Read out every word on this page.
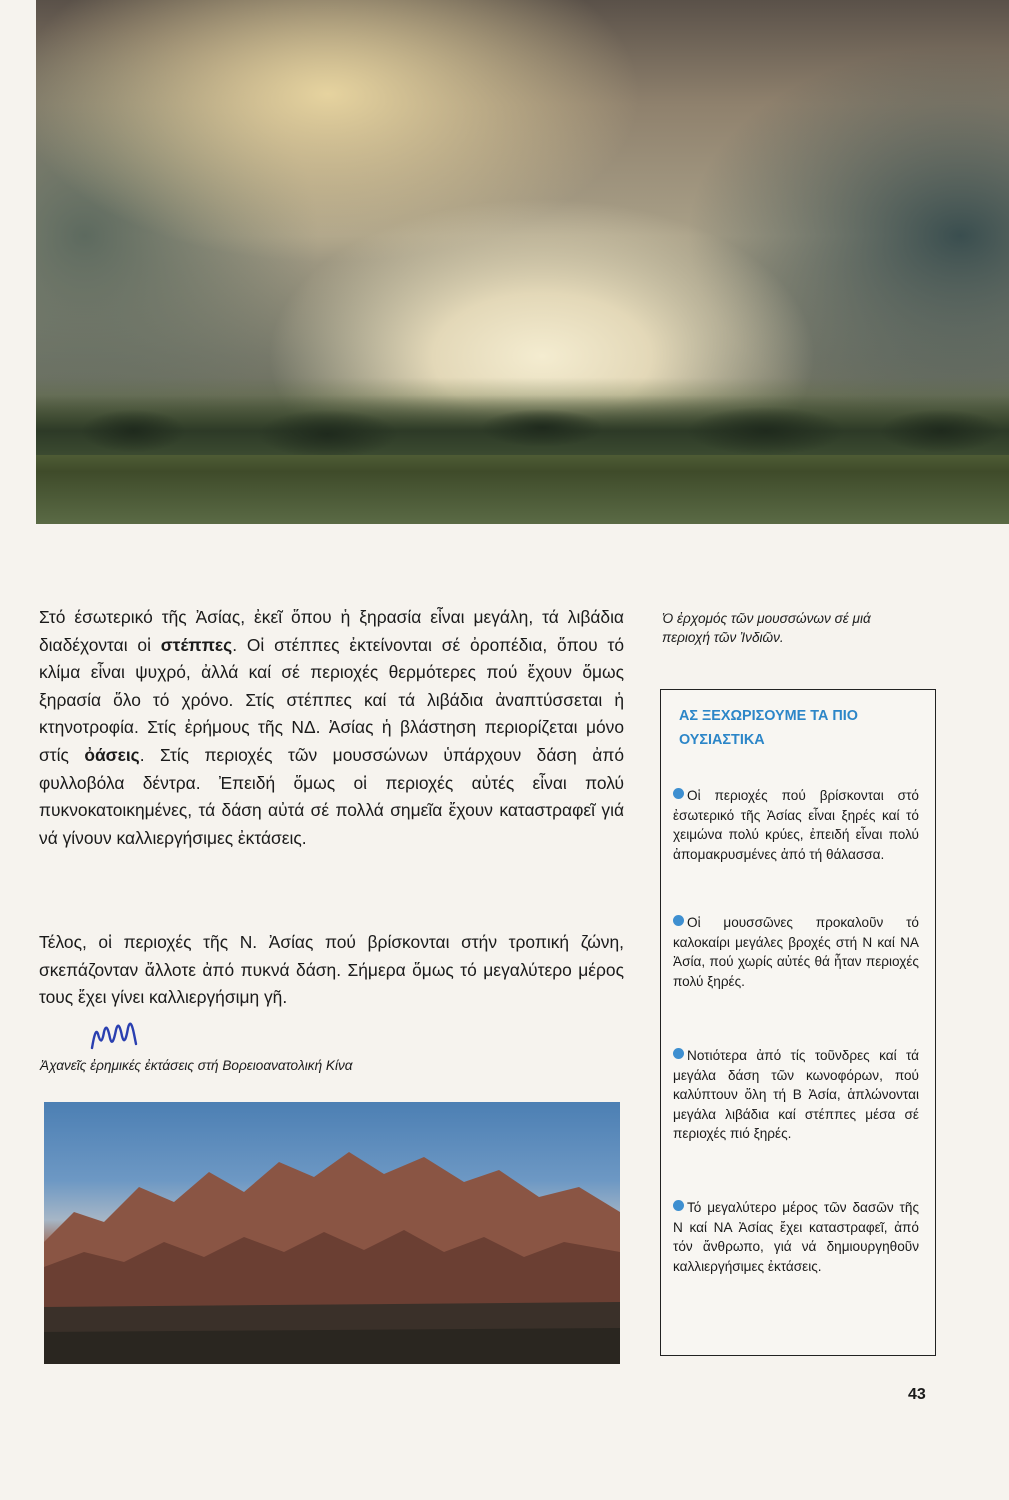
Στό έσωτερικό τῆς Ἀσίας, ἐκεῖ ὅπου ἡ ξηρασία εἶναι μεγάλη, τά λιβάδια διαδέχονται οἱ στέππες. Οἱ στέππες ἐκτείνονται σέ ὀροπέδια, ὅπου τό κλίμα εἶναι ψυχρό, ἀλλά καί σέ περιοχές θερμότερες πού ἔχουν ὅμως ξηρασία ὅλο τό χρόνο. Στίς στέππες καί τά λιβάδια ἀναπτύσσεται ἡ κτηνοτροφία. Στίς ἐρήμους τῆς ΝΔ. Ἀσίας ἡ βλάστηση περιορίζεται μόνο στίς ὀάσεις. Στίς περιοχές τῶν μουσσώνων ὑπάρχουν δάση ἀπό φυλλοβόλα δέντρα. Ἐπειδή ὅμως οἱ περιοχές αὐτές εἶναι πολύ πυκνοκατοικημένες, τά δάση αὐτά σέ πολλά σημεῖα ἔχουν καταστραφεῖ γιά νά γίνουν καλλιεργήσιμες ἐκτάσεις.

Τέλος, οἱ περιοχές τῆς Ν. Ἀσίας πού βρίσκονται στήν τροπική ζώνη, σκεπάζονταν ἄλλοτε ἀπό πυκνά δάση. Σήμερα ὅμως τό μεγαλύτερο μέρος τους ἔχει γίνει καλλιεργήσιμη γῆ.

Ὁ ἐρχομός τῶν μουσσώνων σέ μιά περιοχή τῶν Ἰνδιῶν.

Ἀχανεῖς ἐρημικές ἐκτάσεις στή Βορειοανατολική Κίνα

ΑΣ ΞΕΧΩΡΙΣΟΥΜΕ ΤΑ ΠΙΟ ΟΥΣΙΑΣΤΙΚΑ

Οἱ περιοχές πού βρίσκονται στό ἐσωτερικό τῆς Ἀσίας εἶναι ξηρές καί τό χειμώνα πολύ κρύες, ἐπειδή εἶναι πολύ ἀπομακρυσμένες ἀπό τή θάλασσα.

Οἱ μουσσῶνες προκαλοῦν τό καλοκαίρι μεγάλες βροχές στή Ν καί ΝΑ Ἀσία, πού χωρίς αὐτές θά ἦταν περιοχές πολύ ξηρές.

Νοτιότερα ἀπό τίς τοῦνδρες καί τά μεγάλα δάση τῶν κωνοφόρων, πού καλύπτουν ὅλη τή Β Ἀσία, ἁπλώνονται μεγάλα λιβάδια καί στέππες μέσα σέ περιοχές πιό ξηρές.

Τό μεγαλύτερο μέρος τῶν δασῶν τῆς Ν καί ΝΑ Ἀσίας ἔχει καταστραφεῖ, ἀπό τόν ἄνθρωπο, γιά νά δημιουργηθοῦν καλλιεργήσιμες ἐκτάσεις.

43
